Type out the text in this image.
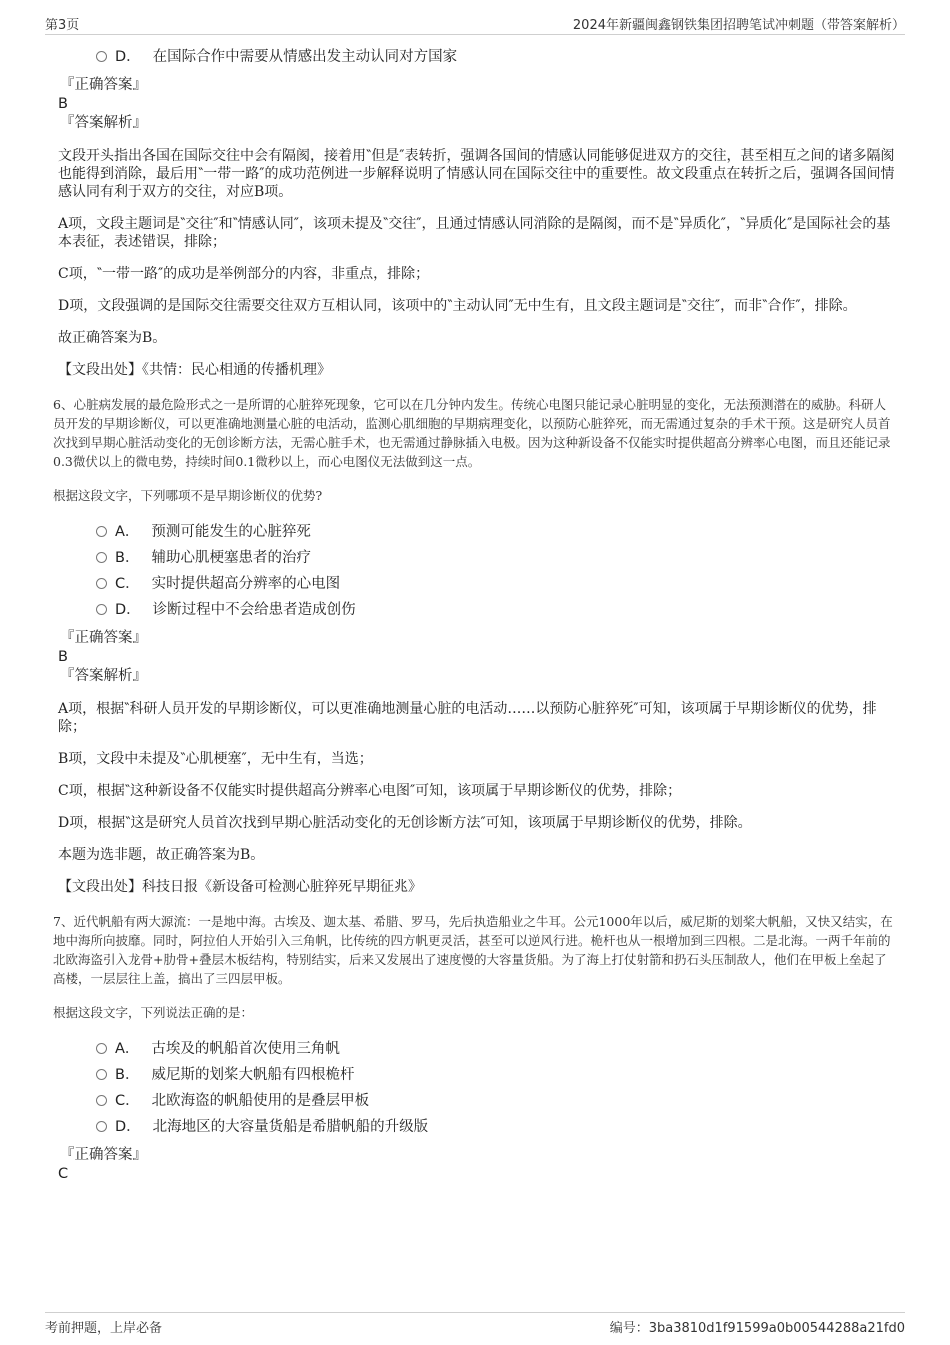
第3页	2024年新疆闽鑫钢铁集团招聘笔试冲刺题（带答案解析）
D． 在国际合作中需要从情感出发主动认同对方国家
『正确答案』
B
『答案解析』
文段开头指出各国在国际交往中会有隔阂，接着用‶但是″表转折，强调各国间的情感认同能够促进双方的交往，甚至相互之间的诸多隔阂也能得到消除，最后用‶一带一路″的成功范例进一步解释说明了情感认同在国际交往中的重要性。故文段重点在转折之后，强调各国间情感认同有利于双方的交往，对应B项。
A项，文段主题词是‶交往″和‶情感认同″，该项未提及‶交往″，且通过情感认同消除的是隔阂，而不是‶异质化″，‶异质化″是国际社会的基本表征，表述错误，排除；
C项，‶一带一路″的成功是举例部分的内容，非重点，排除；
D项，文段强调的是国际交往需要交往双方互相认同，该项中的‶主动认同″无中生有，且文段主题词是‶交往″，而非‶合作″，排除。
故正确答案为B。
【文段出处】《共情：民心相通的传播机理》
6、心脏病发展的最危险形式之一是所谓的心脏猝死现象，它可以在几分钟内发生。传统心电图只能记录心脏明显的变化，无法预测潜在的威胁。科研人员开发的早期诊断仪，可以更准确地测量心脏的电活动，监测心肌细胞的早期病理变化，以预防心脏猝死，而无需通过复杂的手术干预。这是研究人员首次找到早期心脏活动变化的无创诊断方法，无需心脏手术，也无需通过静脉插入电极。因为这种新设备不仅能实时提供超高分辨率心电图，而且还能记录0.3微伏以上的微电势，持续时间0.1微秒以上，而心电图仪无法做到这一点。
根据这段文字，下列哪项不是早期诊断仪的优势?
A． 预测可能发生的心脏猝死
B． 辅助心肌梗塞患者的治疗
C． 实时提供超高分辨率的心电图
D． 诊断过程中不会给患者造成创伤
『正确答案』
B
『答案解析』
A项，根据‶科研人员开发的早期诊断仪，可以更准确地测量心脏的电活动……以预防心脏猝死″可知，该项属于早期诊断仪的优势，排除；
B项，文段中未提及‶心肌梗塞″，无中生有，当选；
C项，根据‶这种新设备不仅能实时提供超高分辨率心电图″可知，该项属于早期诊断仪的优势，排除；
D项，根据‶这是研究人员首次找到早期心脏活动变化的无创诊断方法″可知，该项属于早期诊断仪的优势，排除。
本题为选非题，故正确答案为B。
【文段出处】科技日报《新设备可检测心脏猝死早期征兆》
7、近代帆船有两大源流：一是地中海。古埃及、迦太基、希腊、罗马，先后执造船业之牛耳。公元1000年以后，威尼斯的划桨大帆船，又快又结实，在地中海所向披靡。同时，阿拉伯人开始引入三角帆，比传统的四方帆更灵活，甚至可以逆风行进。桅杆也从一根增加到三四根。二是北海。一两千年前的北欧海盗引入龙骨+肋骨+叠层木板结构，特别结实，后来又发展出了速度慢的大容量货船。为了海上打仗射箭和扔石头压制敌人，他们在甲板上垒起了高楼，一层层往上盖，搞出了三四层甲板。
根据这段文字，下列说法正确的是：
A． 古埃及的帆船首次使用三角帆
B． 威尼斯的划桨大帆船有四根桅杆
C． 北欧海盗的帆船使用的是叠层甲板
D． 北海地区的大容量货船是希腊帆船的升级版
『正确答案』
C
考前押题，上岸必备	编号：3ba3810d1f91599a0b00544288a21fd0
